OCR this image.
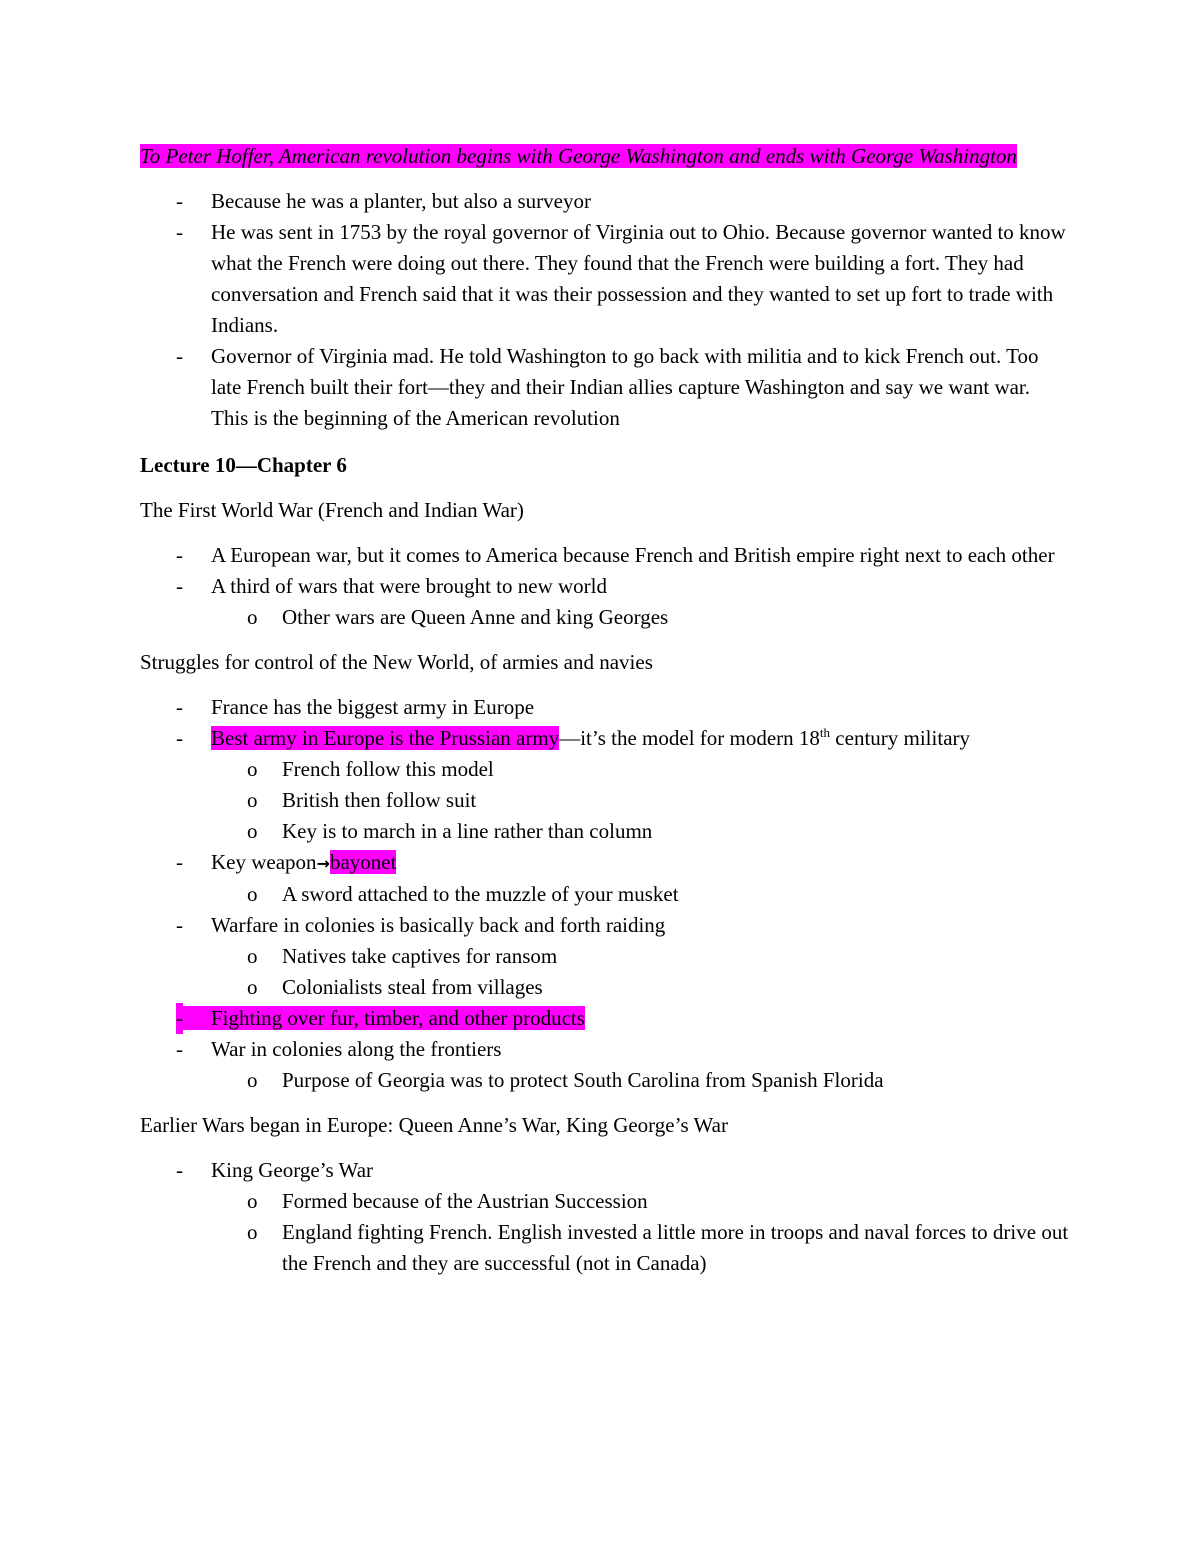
To Peter Hoffer, American revolution begins with George Washington and ends with George Washington

- Because he was a planter, but also a surveyor
- He was sent in 1753 by the royal governor of Virginia out to Ohio. Because governor wanted to know what the French were doing out there. They found that the French were building a fort. They had conversation and French said that it was their possession and they wanted to set up fort to trade with Indians.
- Governor of Virginia mad. He told Washington to go back with militia and to kick French out. Too late French built their fort—they and their Indian allies capture Washington and say we want war. This is the beginning of the American revolution
Lecture 10—Chapter 6

The First World War (French and Indian War)

- A European war, but it comes to America because French and British empire right next to each other
- A third of wars that were brought to new world
o Other wars are Queen Anne and king Georges

Struggles for control of the New World, of armies and navies

- France has the biggest army in Europe
- Best army in Europe is the Prussian army—it’s the model for modern 18th century military
o French follow this model
o British then follow suit
o Key is to march in a line rather than column
- Key weapon→bayonet
o A sword attached to the muzzle of your musket
- Warfare in colonies is basically back and forth raiding
o Natives take captives for ransom
o Colonialists steal from villages
- Fighting over fur, timber, and other products
- War in colonies along the frontiers
o Purpose of Georgia was to protect South Carolina from Spanish Florida

Earlier Wars began in Europe: Queen Anne’s War, King George’s War

- King George’s War
o Formed because of the Austrian Succession
o England fighting French. English invested a little more in troops and naval forces to drive out the French and they are successful (not in Canada)
